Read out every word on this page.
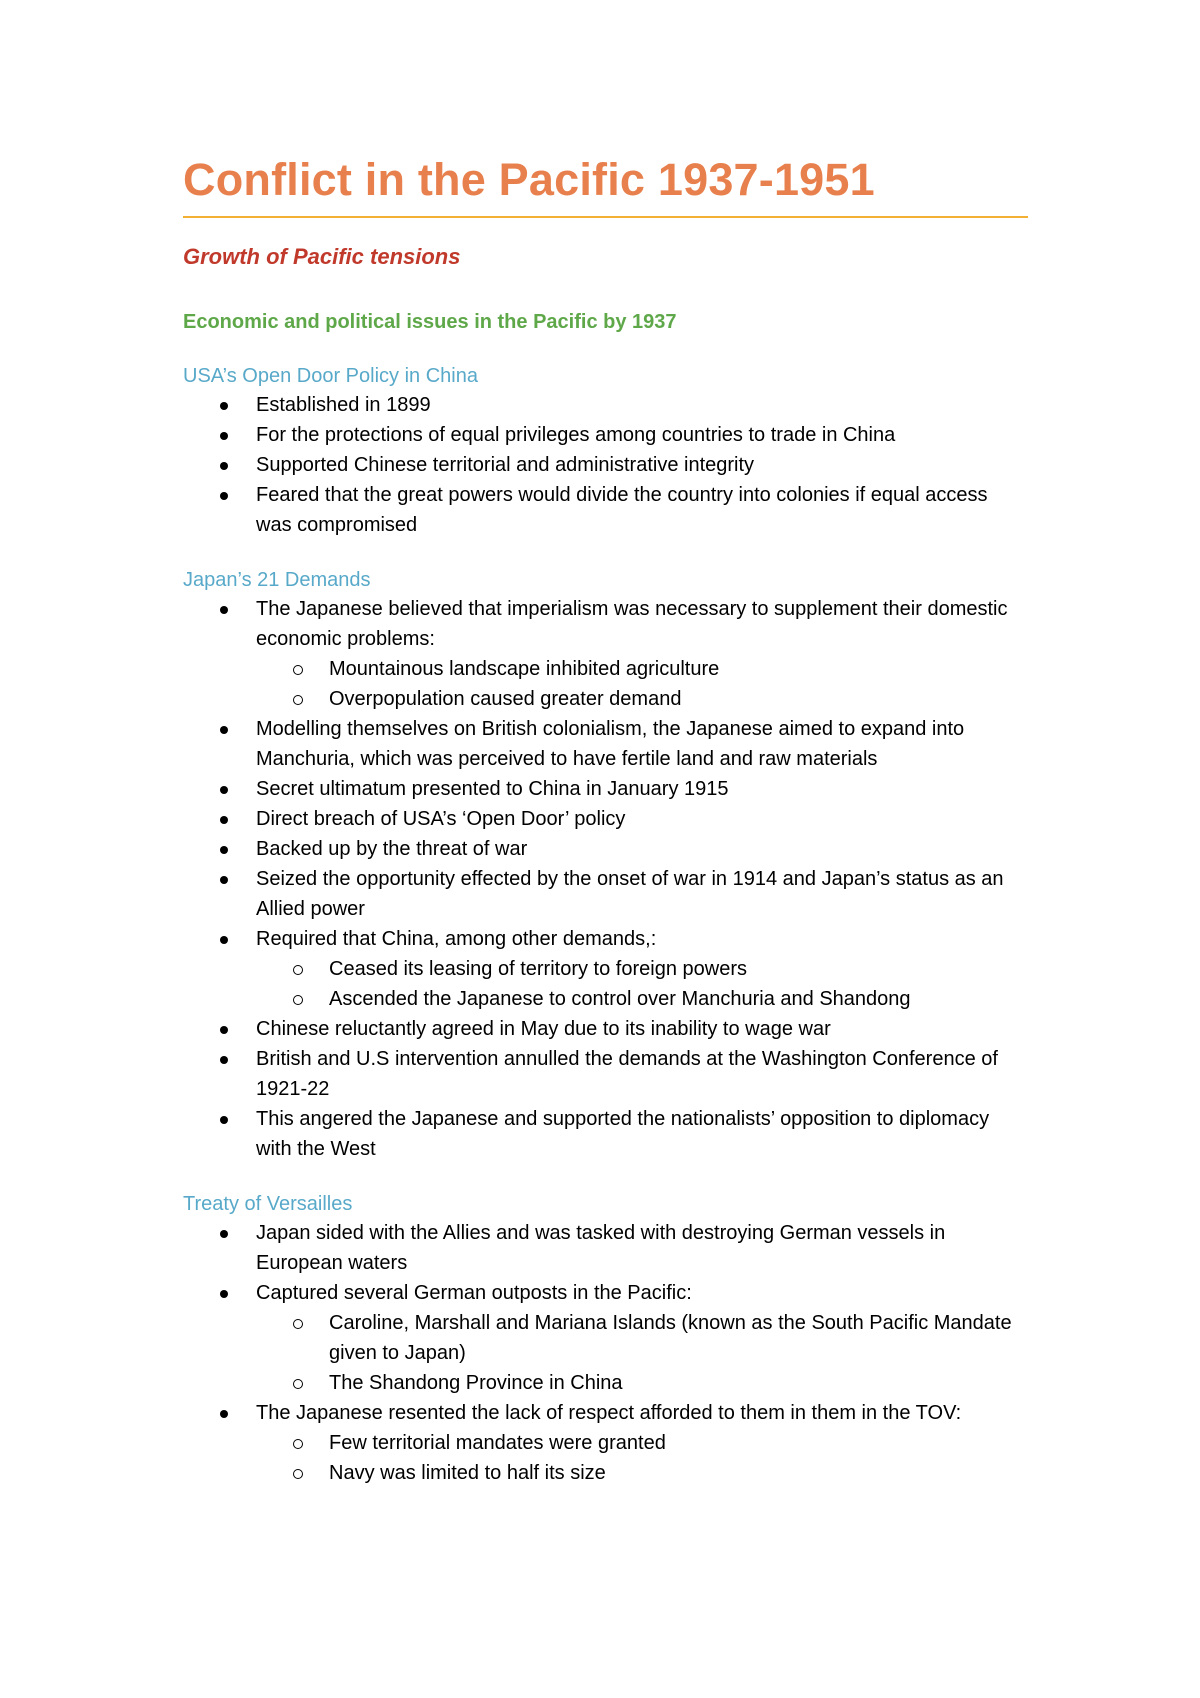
Conflict in the Pacific 1937-1951
Growth of Pacific tensions
Economic and political issues in the Pacific by 1937
USA’s Open Door Policy in China
Established in 1899
For the protections of equal privileges among countries to trade in China
Supported Chinese territorial and administrative integrity
Feared that the great powers would divide the country into colonies if equal access was compromised
Japan’s 21 Demands
The Japanese believed that imperialism was necessary to supplement their domestic economic problems:
Mountainous landscape inhibited agriculture
Overpopulation caused greater demand
Modelling themselves on British colonialism, the Japanese aimed to expand into Manchuria, which was perceived to have fertile land and raw materials
Secret ultimatum presented to China in January 1915
Direct breach of USA’s ‘Open Door’ policy
Backed up by the threat of war
Seized the opportunity effected by the onset of war in 1914 and Japan’s status as an Allied power
Required that China, among other demands,:
Ceased its leasing of territory to foreign powers
Ascended the Japanese to control over Manchuria and Shandong
Chinese reluctantly agreed in May due to its inability to wage war
British and U.S intervention annulled the demands at the Washington Conference of 1921-22
This angered the Japanese and supported the nationalists’ opposition to diplomacy with the West
Treaty of Versailles
Japan sided with the Allies and was tasked with destroying German vessels in European waters
Captured several German outposts in the Pacific:
Caroline, Marshall and Mariana Islands (known as the South Pacific Mandate given to Japan)
The Shandong Province in China
The Japanese resented the lack of respect afforded to them in them in the TOV:
Few territorial mandates were granted
Navy was limited to half its size
